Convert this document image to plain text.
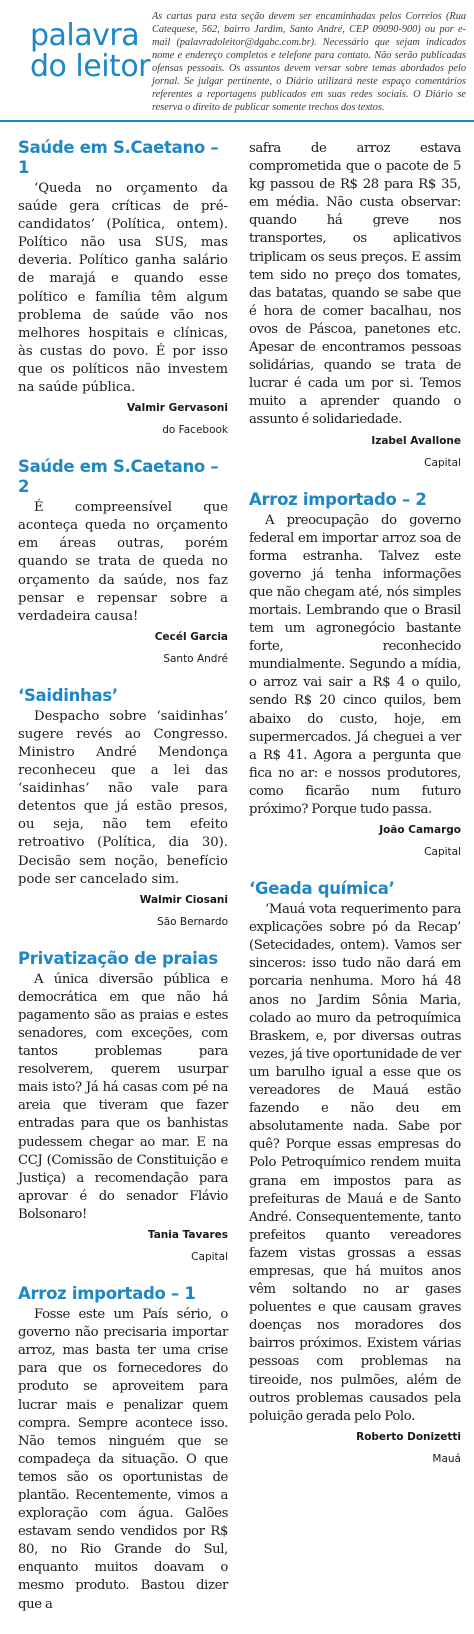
palavra
do leitor
As cartas para esta seção devem ser encaminhadas pelos Correios (Rua Catequese, 562, bairro Jardim, Santo André, CEP 09090-900) ou por e-mail (palavradoleitor@dgabc.com.br). Necessário que sejam indicados nome e endereço completos e telefone para contato. Não serão publicadas ofensas pessoais. Os assuntos devem versar sobre temas abordados pelo jornal. Se julgar pertinente, o Diário utilizará neste espaço comentários referentes a reportagens publicados em suas redes sociais. O Diário se reserva o direito de publicar somente trechos dos textos.
Saúde em S.Caetano – 1

‘Queda no orçamento da saúde gera críticas de pré-candidatos’ (Política, ontem). Político não usa SUS, mas deveria. Político ganha salário de marajá e quando esse político e família têm algum problema de saúde vão nos melhores hospitais e clínicas, às custas do povo. É por isso que os políticos não investem na saúde pública.

Valmir Gervasoni
do Facebook
Saúde em S.Caetano – 2

É compreensível que aconteça queda no orçamento em áreas outras, porém quando se trata de queda no orçamento da saúde, nos faz pensar e repensar sobre a verdadeira causa!

Cecél Garcia
Santo André
‘Saidinhas’

Despacho sobre ‘saidinhas’ sugere revés ao Congresso. Ministro André Mendonça reconheceu que a lei das ‘saidinhas’ não vale para detentos que já estão presos, ou seja, não tem efeito retroativo (Política, dia 30). Decisão sem noção, benefício pode ser cancelado sim.

Walmir Ciosani
São Bernardo
Privatização de praias

A única diversão pública e democrática em que não há pagamento são as praias e estes senadores, com exceções, com tantos problemas para resolverem, querem usurpar mais isto? Já há casas com pé na areia que tiveram que fazer entradas para que os banhistas pudessem chegar ao mar. E na CCJ (Comissão de Constituição e Justiça) a recomendação para aprovar é do senador Flávio Bolsonaro!

Tania Tavares
Capital
Arroz importado – 1

Fosse este um País sério, o governo não precisaria importar arroz, mas basta ter uma crise para que os fornecedores do produto se aproveitem para lucrar mais e penalizar quem compra. Sempre acontece isso. Não temos ninguém que se compadeça da situação. O que temos são os oportunistas de plantão. Recentemente, vimos a exploração com água. Galões estavam sendo vendidos por R$ 80, no Rio Grande do Sul, enquanto muitos doavam o mesmo produto. Bastou dizer que a

safra de arroz estava comprometida que o pacote de 5 kg passou de R$ 28 para R$ 35, em média. Não custa observar: quando há greve nos transportes, os aplicativos triplicam os seus preços. E assim tem sido no preço dos tomates, das batatas, quando se sabe que é hora de comer bacalhau, nos ovos de Páscoa, panetones etc. Apesar de encontramos pessoas solidárias, quando se trata de lucrar é cada um por si. Temos muito a aprender quando o assunto é solidariedade.

Izabel Avallone
Capital
Arroz importado – 2

A preocupação do governo federal em importar arroz soa de forma estranha. Talvez este governo já tenha informações que não chegam até, nós simples mortais. Lembrando que o Brasil tem um agronegócio bastante forte, reconhecido mundialmente. Segundo a mídia, o arroz vai sair a R$ 4 o quilo, sendo R$ 20 cinco quilos, bem abaixo do custo, hoje, em supermercados. Já cheguei a ver a R$ 41. Agora a pergunta que fica no ar: e nossos produtores, como ficarão num futuro próximo? Porque tudo passa.

João Camargo
Capital
‘Geada química’

‘Mauá vota requerimento para explicações sobre pó da Recap’ (Setecidades, ontem). Vamos ser sinceros: isso tudo não dará em porcaria nenhuma. Moro há 48 anos no Jardim Sônia Maria, colado ao muro da petroquímica Braskem, e, por diversas outras vezes, já tive oportunidade de ver um barulho igual a esse que os vereadores de Mauá estão fazendo e não deu em absolutamente nada. Sabe por quê? Porque essas empresas do Polo Petroquímico rendem muita grana em impostos para as prefeituras de Mauá e de Santo André. Consequentemente, tanto prefeitos quanto vereadores fazem vistas grossas a essas empresas, que há muitos anos vêm soltando no ar gases poluentes e que causam graves doenças nos moradores dos bairros próximos. Existem várias pessoas com problemas na tireoide, nos pulmões, além de outros problemas causados pela poluição gerada pelo Polo.

Roberto Donizetti
Mauá
